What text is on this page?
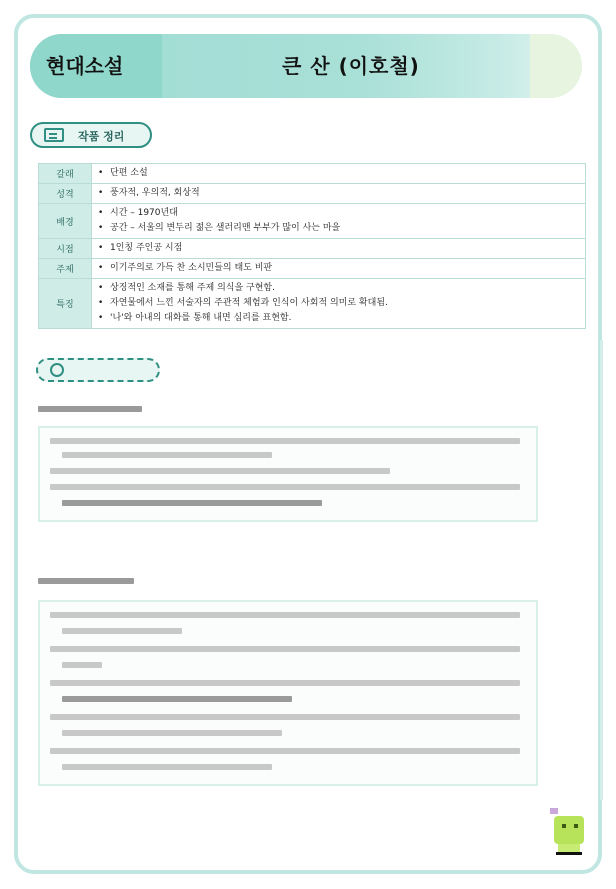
현대소설	큰 산 (이호철)
작품 정리
갈래	• 단편 소설

성격	• 풍자적, 우의적, 회상적

배경	• 시간 – 1970년대
• 공간 – 서울의 변두리 젊은 샐러리맨 부부가 많이 사는 마을

시점	• 1인칭 주인공 시점

주제	• 이기주의로 가득 찬 소시민들의 태도 비판

특징	• 상징적인 소재를 통해 주제 의식을 구현함.
• 자연물에서 느낀 서술자의 주관적 체험과 인식이 사회적 의미로 확대됨.
• '나'와 아내의 대화를 통해 내면 심리를 표현함.
